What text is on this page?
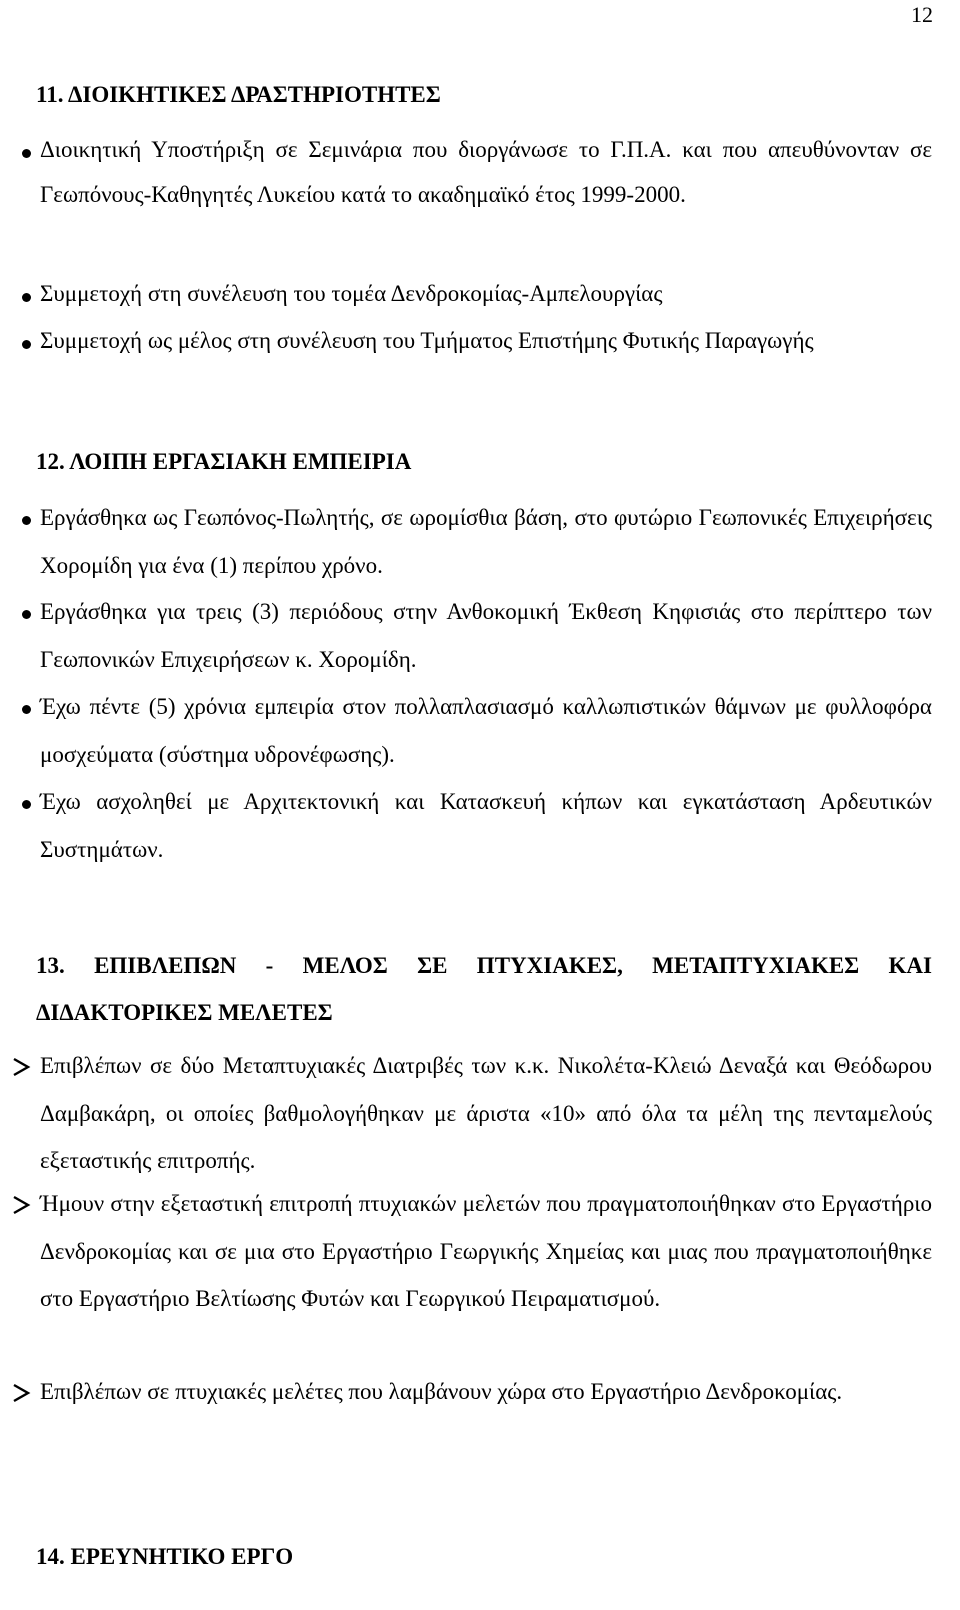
12
11. ΔΙΟΙΚΗΤΙΚΕΣ ΔΡΑΣΤΗΡΙΟΤΗΤΕΣ

Διοικητική Υποστήριξη σε Σεμινάρια που διοργάνωσε το Γ.Π.Α. και που απευθύνονταν σε Γεωπόνους-Καθηγητές Λυκείου κατά το ακαδημαϊκό έτος 1999-2000.

Συμμετοχή στη συνέλευση του τομέα Δενδροκομίας-Αμπελουργίας

Συμμετοχή ως μέλος στη συνέλευση του Τμήματος Επιστήμης Φυτικής Παραγωγής

12. ΛΟΙΠΗ ΕΡΓΑΣΙΑΚΗ ΕΜΠΕΙΡΙΑ

Εργάσθηκα ως Γεωπόνος-Πωλητής, σε ωρομίσθια βάση, στο φυτώριο Γεωπονικές Επιχειρήσεις Χορομίδη για ένα (1) περίπου χρόνο.

Εργάσθηκα για τρεις (3) περιόδους στην Ανθοκομική Έκθεση Κηφισιάς στο περίπτερο των Γεωπονικών Επιχειρήσεων κ. Χορομίδη.

Έχω πέντε (5) χρόνια εμπειρία στον πολλαπλασιασμό καλλωπιστικών θάμνων με φυλλοφόρα μοσχεύματα (σύστημα υδρονέφωσης).

Έχω ασχοληθεί με Αρχιτεκτονική και Κατασκευή κήπων και εγκατάσταση Αρδευτικών Συστημάτων.

13. ΕΠΙΒΛΕΠΩΝ - ΜΕΛΟΣ ΣΕ ΠΤΥΧΙΑΚΕΣ, ΜΕΤΑΠΤΥΧΙΑΚΕΣ ΚΑΙ ΔΙΔΑΚΤΟΡΙΚΕΣ ΜΕΛΕΤΕΣ

Επιβλέπων σε δύο Μεταπτυχιακές Διατριβές των κ.κ. Νικολέτα-Κλειώ Δεναξά και Θεόδωρου Δαμβακάρη, οι οποίες βαθμολογήθηκαν με άριστα «10» από όλα τα μέλη της πενταμελούς εξεταστικής επιτροπής.

Ήμουν στην εξεταστική επιτροπή πτυχιακών μελετών που πραγματοποιήθηκαν στο Εργαστήριο Δενδροκομίας και σε μια στο Εργαστήριο Γεωργικής Χημείας και μιας που πραγματοποιήθηκε στο Εργαστήριο Βελτίωσης Φυτών και Γεωργικού Πειραματισμού.

Επιβλέπων σε πτυχιακές μελέτες που λαμβάνουν χώρα στο Εργαστήριο Δενδροκομίας.

14. ΕΡΕΥΝΗΤΙΚΟ ΕΡΓΟ
